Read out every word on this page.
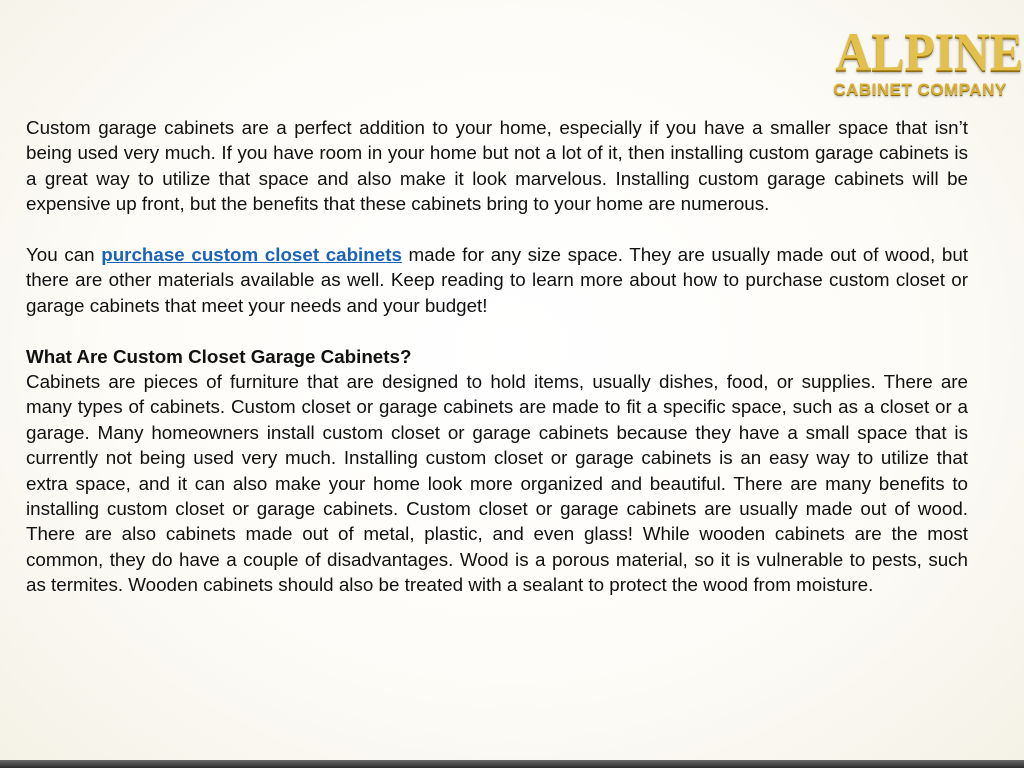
ALPINE
CABINET COMPANY

Custom garage cabinets are a perfect addition to your home, especially if you have a smaller space that isn’t being used very much. If you have room in your home but not a lot of it, then installing custom garage cabinets is a great way to utilize that space and also make it look marvelous. Installing custom garage cabinets will be expensive up front, but the benefits that these cabinets bring to your home are numerous.

You can purchase custom closet cabinets made for any size space. They are usually made out of wood, but there are other materials available as well. Keep reading to learn more about how to purchase custom closet or garage cabinets that meet your needs and your budget!

What Are Custom Closet Garage Cabinets?

Cabinets are pieces of furniture that are designed to hold items, usually dishes, food, or supplies. There are many types of cabinets. Custom closet or garage cabinets are made to fit a specific space, such as a closet or a garage. Many homeowners install custom closet or garage cabinets because they have a small space that is currently not being used very much. Installing custom closet or garage cabinets is an easy way to utilize that extra space, and it can also make your home look more organized and beautiful. There are many benefits to installing custom closet or garage cabinets. Custom closet or garage cabinets are usually made out of wood. There are also cabinets made out of metal, plastic, and even glass! While wooden cabinets are the most common, they do have a couple of disadvantages. Wood is a porous material, so it is vulnerable to pests, such as termites. Wooden cabinets should also be treated with a sealant to protect the wood from moisture.
